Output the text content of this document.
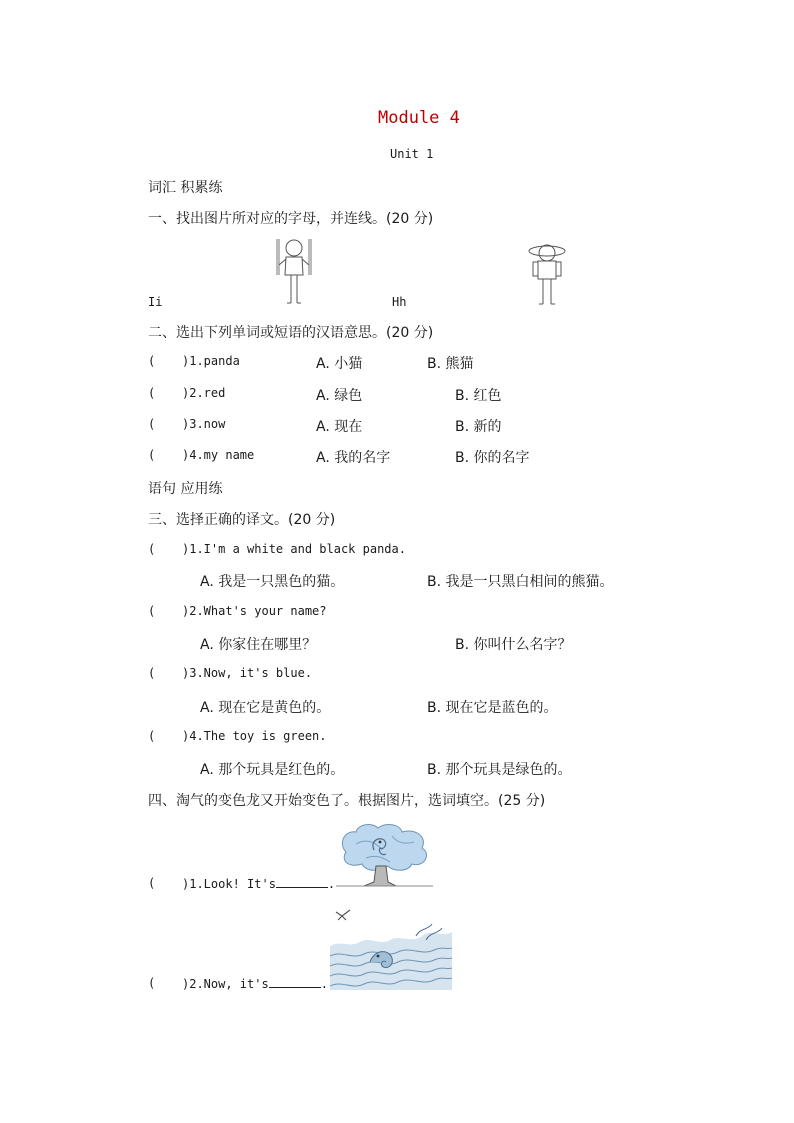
Module 4
Unit 1
词汇 积累练
一、找出图片所对应的字母，并连线。(20 分)
Ii	Hh
二、选出下列单词或短语的汉语意思。(20 分)
( )1.panda	A. 小猫	B. 熊猫
( )2.red	A. 绿色	B. 红色
( )3.now	A. 现在	B. 新的
( )4.my name	A. 我的名字	B. 你的名字
语句 应用练
三、选择正确的译文。(20 分)
( )1.I'm a white and black panda.
A. 我是一只黑色的猫。	B. 我是一只黑白相间的熊猫。
( )2.What's your name?
A. 你家住在哪里？	B. 你叫什么名字？
( )3.Now, it's blue.
A. 现在它是黄色的。	B. 现在它是蓝色的。
( )4.The toy is green.
A. 那个玩具是红色的。	B. 那个玩具是绿色的。
四、淘气的变色龙又开始变色了。根据图片，选词填空。(25 分)
( )1.Look! It's	.
( )2.Now, it's	.
